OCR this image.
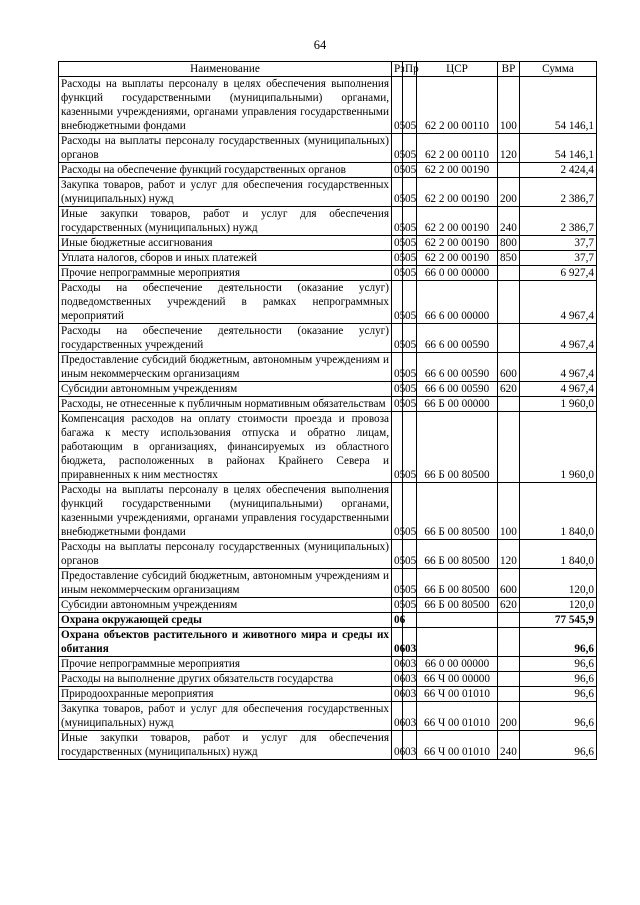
64
Наименование	Рз	Пр	ЦСР	ВР	Сумма
Расходы на выплаты персоналу в целях обеспечения выполнения функций государственными (муниципальными) органами, казенными учреждениями, органами управления государственными внебюджетными фондами	05	05	62 2 00 00110	100	54 146,1
Расходы на выплаты персоналу государственных (муниципальных) органов	05	05	62 2 00 00110	120	54 146,1
Расходы на обеспечение функций государственных органов	05	05	62 2 00 00190		2 424,4
Закупка товаров, работ и услуг для обеспечения государственных (муниципальных) нужд	05	05	62 2 00 00190	200	2 386,7
Иные закупки товаров, работ и услуг для обеспечения государственных (муниципальных) нужд	05	05	62 2 00 00190	240	2 386,7
Иные бюджетные ассигнования	05	05	62 2 00 00190	800	37,7
Уплата налогов, сборов и иных платежей	05	05	62 2 00 00190	850	37,7
Прочие непрограммные мероприятия	05	05	66 0 00 00000		6 927,4
Расходы на обеспечение деятельности (оказание услуг) подведомственных учреждений в рамках непрограммных мероприятий	05	05	66 6 00 00000		4 967,4
Расходы на обеспечение деятельности (оказание услуг) государственных учреждений	05	05	66 6 00 00590		4 967,4
Предоставление субсидий бюджетным, автономным учреждениям и иным некоммерческим организациям	05	05	66 6 00 00590	600	4 967,4
Субсидии автономным учреждениям	05	05	66 6 00 00590	620	4 967,4
Расходы, не отнесенные к публичным нормативным обязательствам	05	05	66 Б 00 00000		1 960,0
Компенсация расходов на оплату стоимости проезда и провоза багажа к месту использования отпуска и обратно лицам, работающим в организациях, финансируемых из областного бюджета, расположенных в районах Крайнего Севера и приравненных к ним местностях	05	05	66 Б 00 80500		1 960,0
Расходы на выплаты персоналу в целях обеспечения выполнения функций государственными (муниципальными) органами, казенными учреждениями, органами управления государственными внебюджетными фондами	05	05	66 Б 00 80500	100	1 840,0
Расходы на выплаты персоналу государственных (муниципальных) органов	05	05	66 Б 00 80500	120	1 840,0
Предоставление субсидий бюджетным, автономным учреждениям и иным некоммерческим организациям	05	05	66 Б 00 80500	600	120,0
Субсидии автономным учреждениям	05	05	66 Б 00 80500	620	120,0
Охрана окружающей среды	06				77 545,9
Охрана объектов растительного и животного мира и среды их обитания	06	03			96,6
Прочие непрограммные мероприятия	06	03	66 0 00 00000		96,6
Расходы на выполнение других обязательств государства	06	03	66 Ч 00 00000		96,6
Природоохранные мероприятия	06	03	66 Ч 00 01010		96,6
Закупка товаров, работ и услуг для обеспечения государственных (муниципальных) нужд	06	03	66 Ч 00 01010	200	96,6
Иные закупки товаров, работ и услуг для обеспечения государственных (муниципальных) нужд	06	03	66 Ч 00 01010	240	96,6
